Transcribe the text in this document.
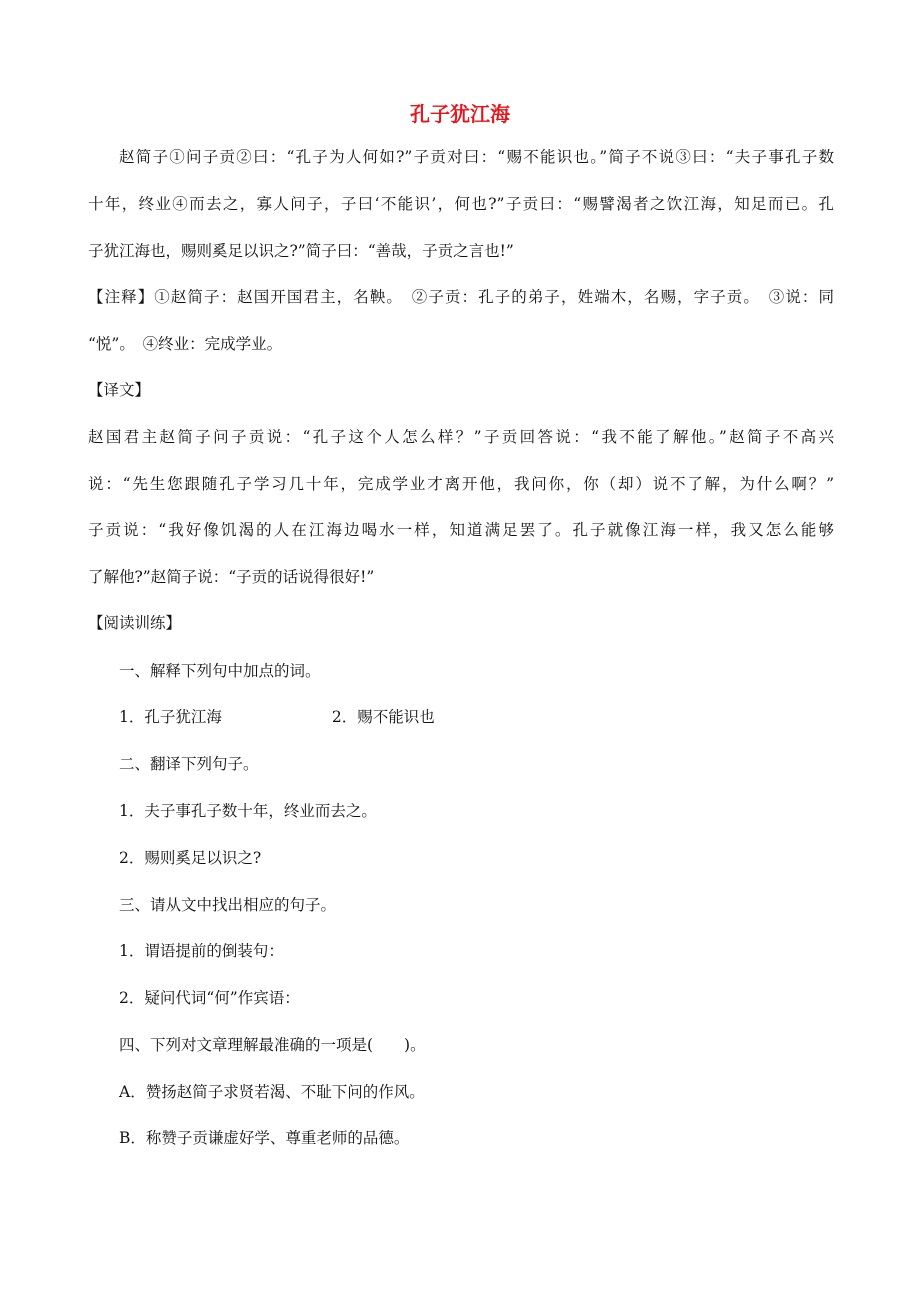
孔子犹江海
赵简子①问子贡②曰：“孔子为人何如?”子贡对曰：“赐不能识也。”简子不说③曰：“夫子事孔子数
十年，终业④而去之，寡人问子，子曰‘不能识’，何也?”子贡曰：“赐譬渴者之饮江海，知足而已。孔
子犹江海也，赐则奚足以识之?”简子曰：“善哉，子贡之言也!”
【注释】①赵简子：赵国开国君主，名鞅。　②子贡：孔子的弟子，姓端木，名赐，字子贡。　③说：同
“悦”。　④终业：完成学业。
【译文】
赵国君主赵简子问子贡说：“孔子这个人怎么样？”子贡回答说：“我不能了解他。”赵简子不高兴
说：“先生您跟随孔子学习几十年，完成学业才离开他，我问你，你（却）说不了解，为什么啊？”
子贡说：“我好像饥渴的人在江海边喝水一样，知道满足罢了。孔子就像江海一样，我又怎么能够
了解他?”赵简子说：“子贡的话说得很好!”
【阅读训练】
一、解释下列句中加点的词。
1．孔子犹江海	2．赐不能识也
二、翻译下列句子。
1．夫子事孔子数十年，终业而去之。
2．赐则奚足以识之?
三、请从文中找出相应的句子。
1．谓语提前的倒装句：
2．疑问代词“何”作宾语：
四、下列对文章理解最准确的一项是(　　)。
A．赞扬赵简子求贤若渴、不耻下问的作风。
B．称赞子贡谦虚好学、尊重老师的品德。
